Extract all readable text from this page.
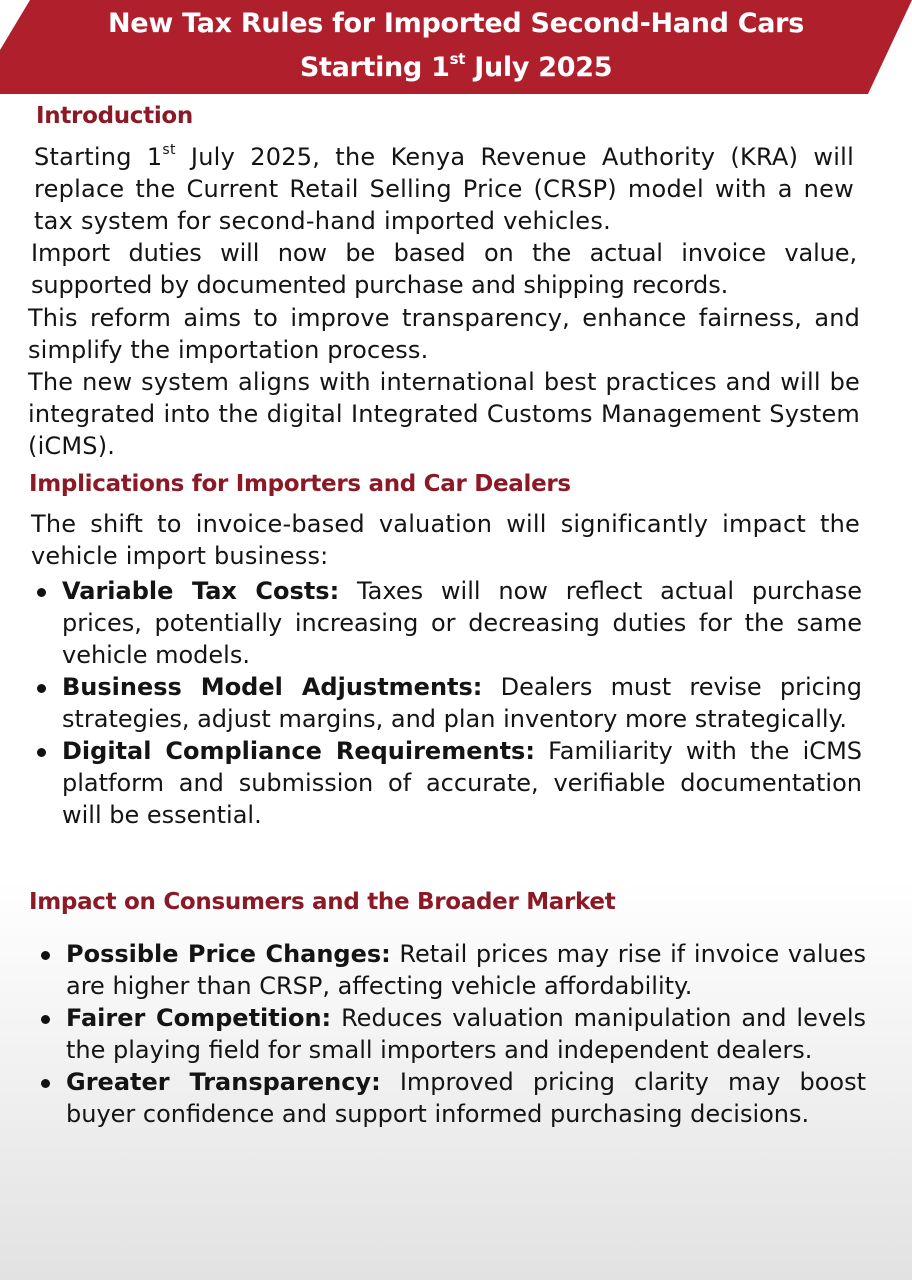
New Tax Rules for Imported Second-Hand Cars
Starting 1st July 2025
Introduction

Starting 1st July 2025, the Kenya Revenue Authority (KRA) will replace the Current Retail Selling Price (CRSP) model with a new tax system for second-hand imported vehicles.

Import duties will now be based on the actual invoice value, supported by documented purchase and shipping records.

This reform aims to improve transparency, enhance fairness, and simplify the importation process.

The new system aligns with international best practices and will be integrated into the digital Integrated Customs Management System (iCMS).

Implications for Importers and Car Dealers

The shift to invoice-based valuation will significantly impact the vehicle import business:

Variable Tax Costs: Taxes will now reflect actual purchase prices, potentially increasing or decreasing duties for the same vehicle models.
Business Model Adjustments: Dealers must revise pricing strategies, adjust margins, and plan inventory more strategically.
Digital Compliance Requirements: Familiarity with the iCMS platform and submission of accurate, verifiable documentation will be essential.
Impact on Consumers and the Broader Market
Possible Price Changes: Retail prices may rise if invoice values are higher than CRSP, affecting vehicle affordability.
Fairer Competition: Reduces valuation manipulation and levels the playing field for small importers and independent dealers.
Greater Transparency: Improved pricing clarity may boost buyer confidence and support informed purchasing decisions.
